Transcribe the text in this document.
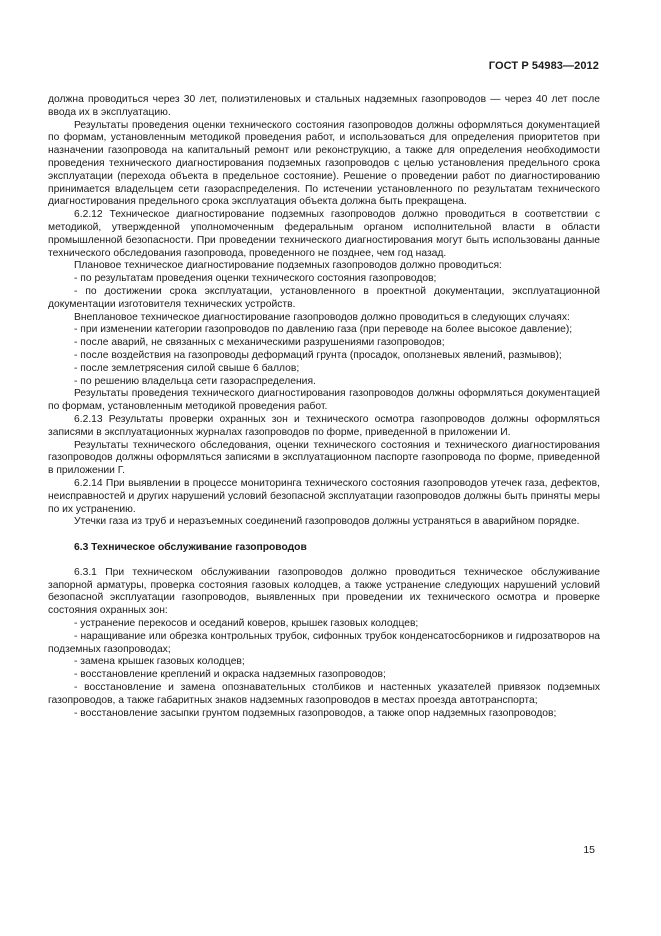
ГОСТ Р 54983—2012

должна проводиться через 30 лет, полиэтиленовых и стальных надземных газопроводов — через 40 лет после ввода их в эксплуатацию.

Результаты проведения оценки технического состояния газопроводов должны оформляться документацией по формам, установленным методикой проведения работ, и использоваться для определения приоритетов при назначении газопровода на капитальный ремонт или реконструкцию, а также для определения необходимости проведения технического диагностирования подземных газопроводов с целью установления предельного срока эксплуатации (перехода объекта в предельное состояние). Решение о проведении работ по диагностированию принимается владельцем сети газораспределения. По истечении установленного по результатам технического диагностирования предельного срока эксплуатация объекта должна быть прекращена.

6.2.12 Техническое диагностирование подземных газопроводов должно проводиться в соответствии с методикой, утвержденной уполномоченным федеральным органом исполнительной власти в области промышленной безопасности. При проведении технического диагностирования могут быть использованы данные технического обследования газопровода, проведенного не позднее, чем год назад.

Плановое техническое диагностирование подземных газопроводов должно проводиться:

- по результатам проведения оценки технического состояния газопроводов;

- по достижении срока эксплуатации, установленного в проектной документации, эксплуатационной документации изготовителя технических устройств.

Внеплановое техническое диагностирование газопроводов должно проводиться в следующих случаях:

- при изменении категории газопроводов по давлению газа (при переводе на более высокое давление);

- после аварий, не связанных с механическими разрушениями газопроводов;

- после воздействия на газопроводы деформаций грунта (просадок, оползневых явлений, размывов);

- после землетрясения силой свыше 6 баллов;

- по решению владельца сети газораспределения.

Результаты проведения технического диагностирования газопроводов должны оформляться документацией по формам, установленным методикой проведения работ.

6.2.13 Результаты проверки охранных зон и технического осмотра газопроводов должны оформляться записями в эксплуатационных журналах газопроводов по форме, приведенной в приложении И.

Результаты технического обследования, оценки технического состояния и технического диагностирования газопроводов должны оформляться записями в эксплуатационном паспорте газопровода по форме, приведенной в приложении Г.

6.2.14 При выявлении в процессе мониторинга технического состояния газопроводов утечек газа, дефектов, неисправностей и других нарушений условий безопасной эксплуатации газопроводов должны быть приняты меры по их устранению.

Утечки газа из труб и неразъемных соединений газопроводов должны устраняться в аварийном порядке.

6.3 Техническое обслуживание газопроводов

6.3.1 При техническом обслуживании газопроводов должно проводиться техническое обслуживание запорной арматуры, проверка состояния газовых колодцев, а также устранение следующих нарушений условий безопасной эксплуатации газопроводов, выявленных при проведении их технического осмотра и проверке состояния охранных зон:

- устранение перекосов и оседаний коверов, крышек газовых колодцев;

- наращивание или обрезка контрольных трубок, сифонных трубок конденсатосборников и гидрозатворов на подземных газопроводах;

- замена крышек газовых колодцев;

- восстановление креплений и окраска надземных газопроводов;

- восстановление и замена опознавательных столбиков и настенных указателей привязок подземных газопроводов, а также габаритных знаков надземных газопроводов в местах проезда автотранспорта;

- восстановление засыпки грунтом подземных газопроводов, а также опор надземных газопроводов;

15
